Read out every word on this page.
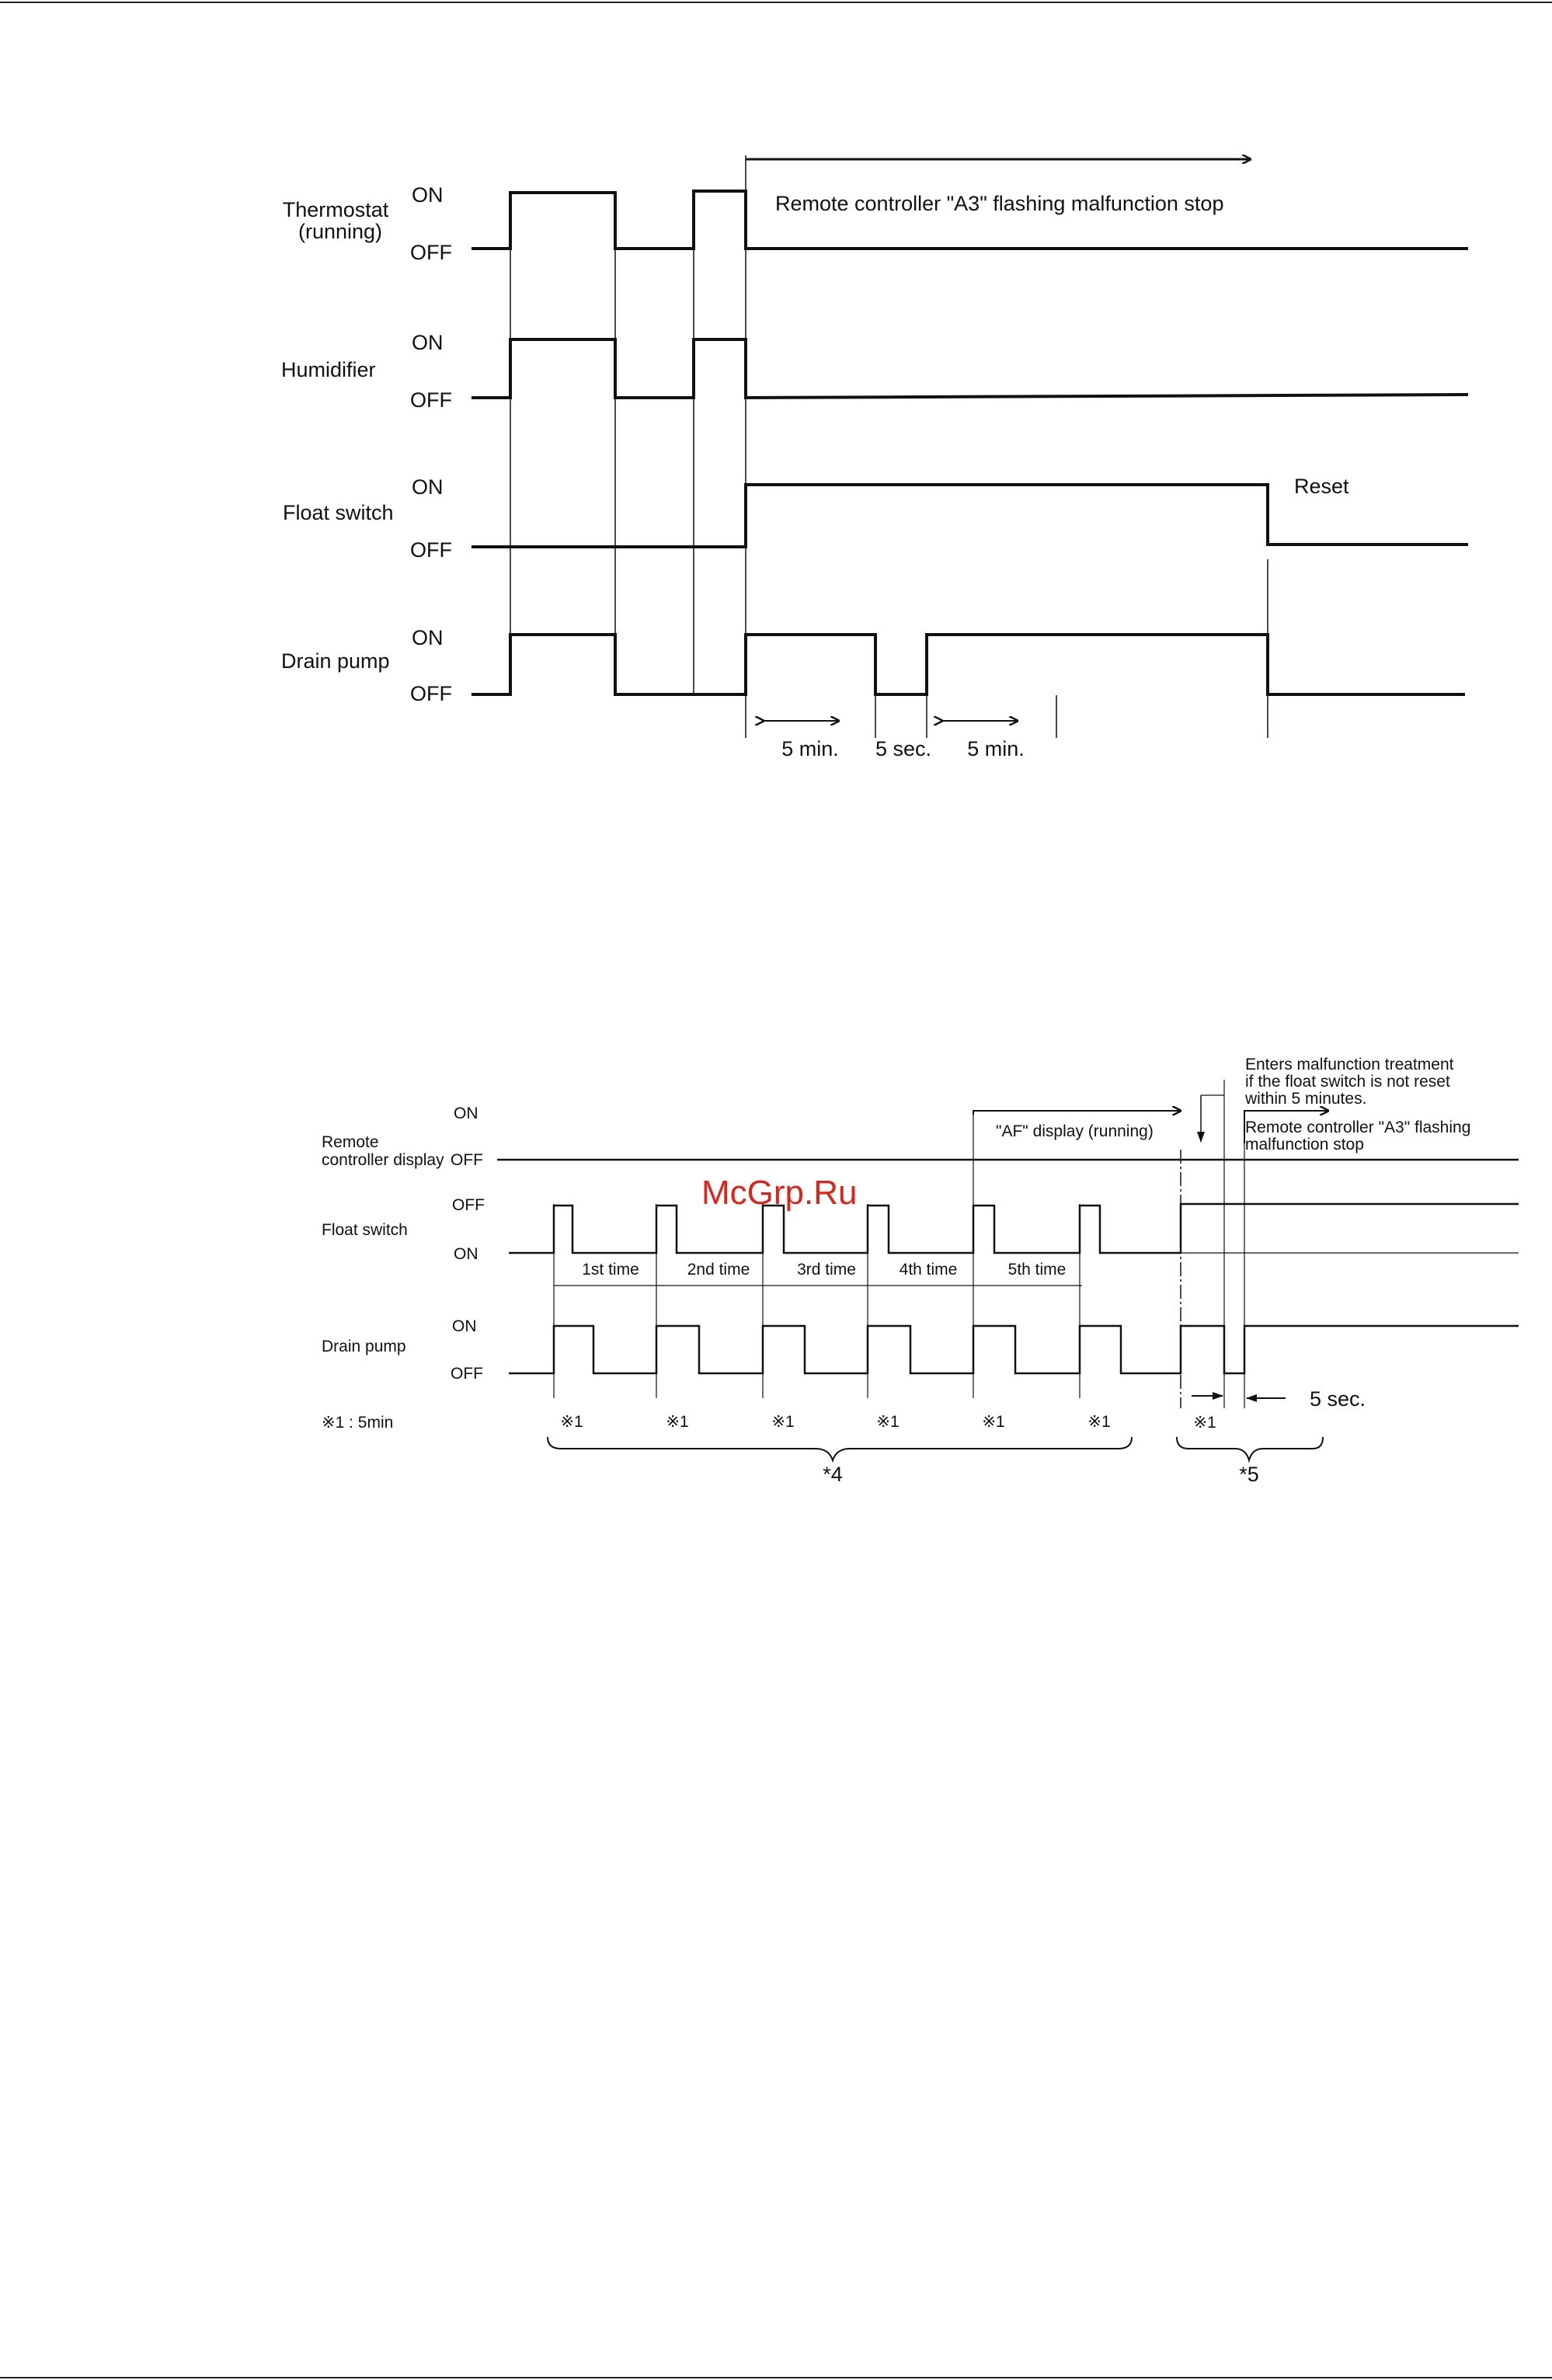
Thermostat
(running)
ON
OFF
Humidifier
ON
OFF
Float switch
ON
OFF
Drain pump
ON
OFF
Remote controller "A3" flashing malfunction stop
Reset
5 min. 5 sec. 5 min.
ON
Remote
controller display OFF
Float switch
OFF
ON
Drain pump
ON
OFF
※1 : 5min
"AF" display (running)
Enters malfunction treatment
if the float switch is not reset
within 5 minutes.
Remote controller "A3" flashing
malfunction stop
5 sec.
1st time	2nd time	3rd time	4th time	5th time
※1	※1	※1	※1	※1	※1	※1
*4	*5
McGrp.Ru
